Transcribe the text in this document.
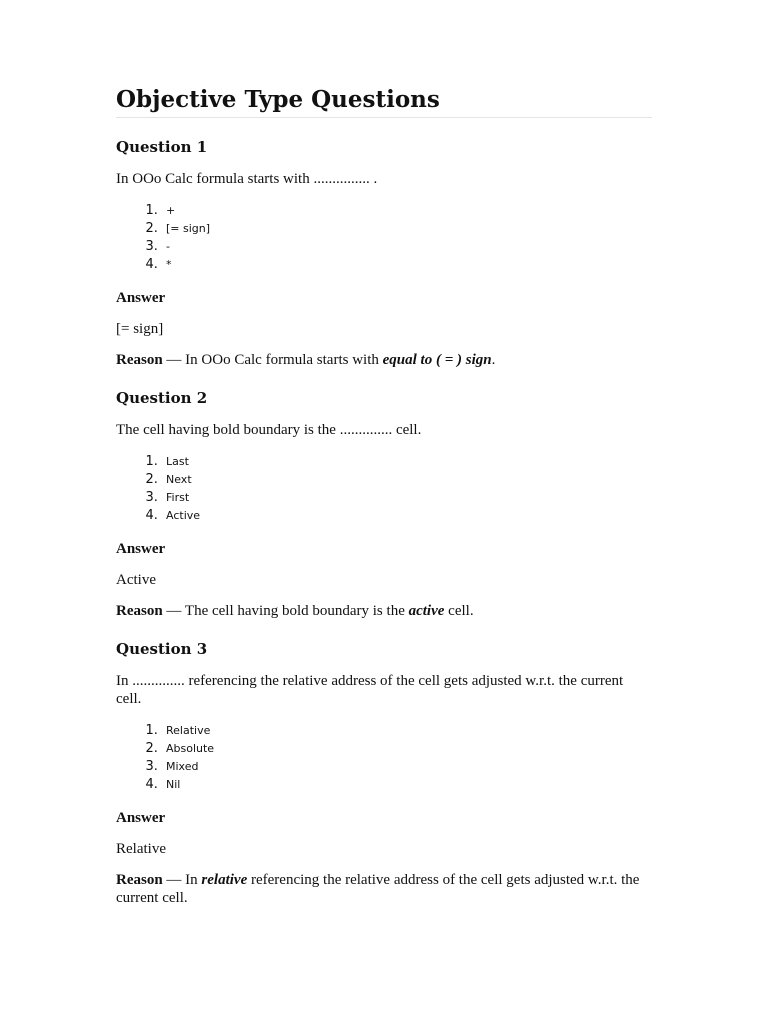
Objective Type Questions
Question 1

In OOo Calc formula starts with ............... .

1. +
2. [= sign]
3. -
4. *
Answer

[= sign]

Reason — In OOo Calc formula starts with equal to ( = ) sign.

Question 2

The cell having bold boundary is the .............. cell.

1. Last
2. Next
3. First
4. Active
Answer

Active

Reason — The cell having bold boundary is the active cell.

Question 3

In .............. referencing the relative address of the cell gets adjusted w.r.t. the current cell.

1. Relative
2. Absolute
3. Mixed
4. Nil
Answer

Relative

Reason — In relative referencing the relative address of the cell gets adjusted w.r.t. the current cell.
